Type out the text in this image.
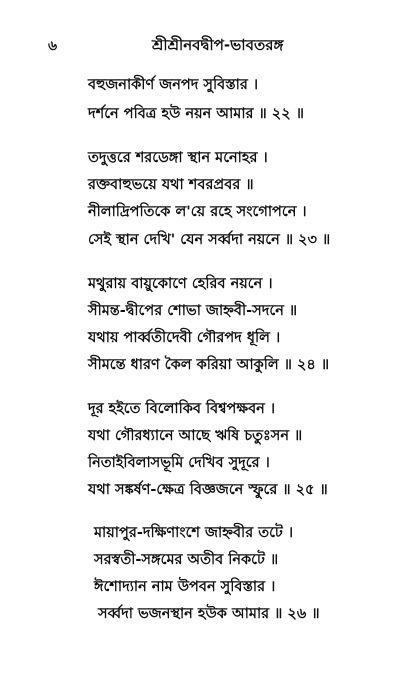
৬	শ্রীশ্রীনবদ্বীপ-ভাবতরঙ্গ
বহুজনাকীর্ণ জনপদ সুবিস্তার ।
দর্শনে পবিত্র হউ নয়ন আমার ॥ ২২ ॥
তদুত্তরে শরডেঙ্গা স্থান মনোহর ।
রক্তবাহুভয়ে যথা শবরপ্রবর ॥
নীলাদ্রিপতিকে ল'য়ে রহে সংগোপনে ।
সেই স্থান দেখি' যেন সর্ব্বদা নয়নে ॥ ২৩ ॥
মথুরায় বায়ুকোণে হেরিব নয়নে ।
সীমন্ত-দ্বীপের শোভা জাহ্নবী-সদনে ॥
যথায় পার্ব্বতীদেবী গৌরপদ ধূলি ।
সীমন্তে ধারণ কৈল করিয়া আকুলি ॥ ২৪ ॥
দূর হইতে বিলোকিব বিশ্বপক্ষবন ।
যথা গৌরধ্যানে আছে ঋষি চতুঃসন ॥
নিতাইবিলাসভূমি দেখিব সুদূরে ।
যথা সঙ্কর্ষণ-ক্ষেত্র বিজ্ঞজনে স্ফুরে ॥ ২৫ ॥
মায়াপুর-দক্ষিণাংশে জাহ্নবীর তটে ।
সরস্বতী-সঙ্গমের অতীব নিকটে ॥
ঈশোদ্যান নাম উপবন সুবিস্তার ।
সর্ব্বদা ভজনস্থান হউক আমার ॥ ২৬ ॥
